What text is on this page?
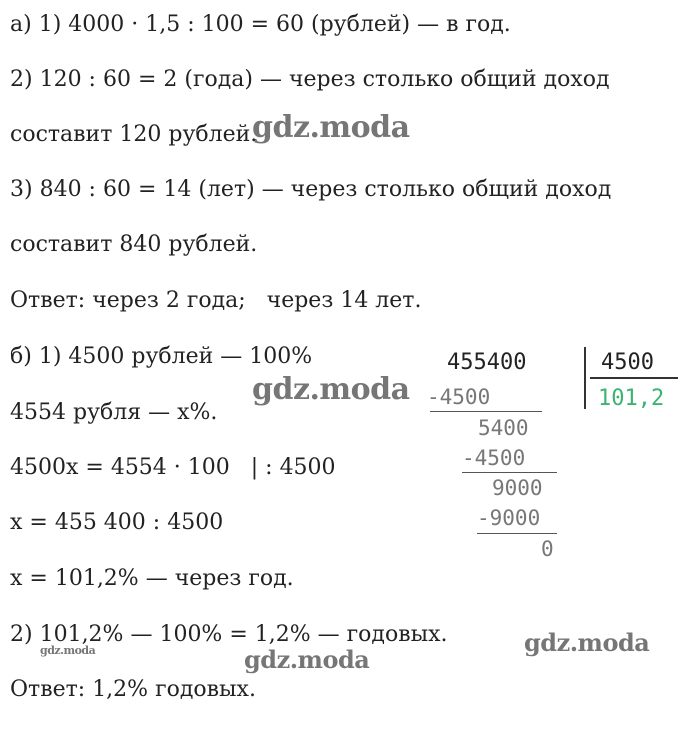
а) 1) 4000 · 1,5 : 100 = 60 (рублей) — в год.
2) 120 : 60 = 2 (года) — через столько общий доход
составит 120 рублей.
3) 840 : 60 = 14 (лет) — через столько общий доход
составит 840 рублей.
Ответ: через 2 года;   через 14 лет.
б) 1) 4500 рублей — 100%
4554 рубля — x%.
4500x = 4554 · 100   | : 4500
x = 455 400 : 4500
x = 101,2% — через год.
2) 101,2% — 100% = 1,2% — годовых.
Ответ: 1,2% годовых.
455400	4500
101,2
-4500
5400
-4500
9000
-9000
0
gdz.moda
gdz.moda
gdz.moda
gdz.moda
gdz.moda
